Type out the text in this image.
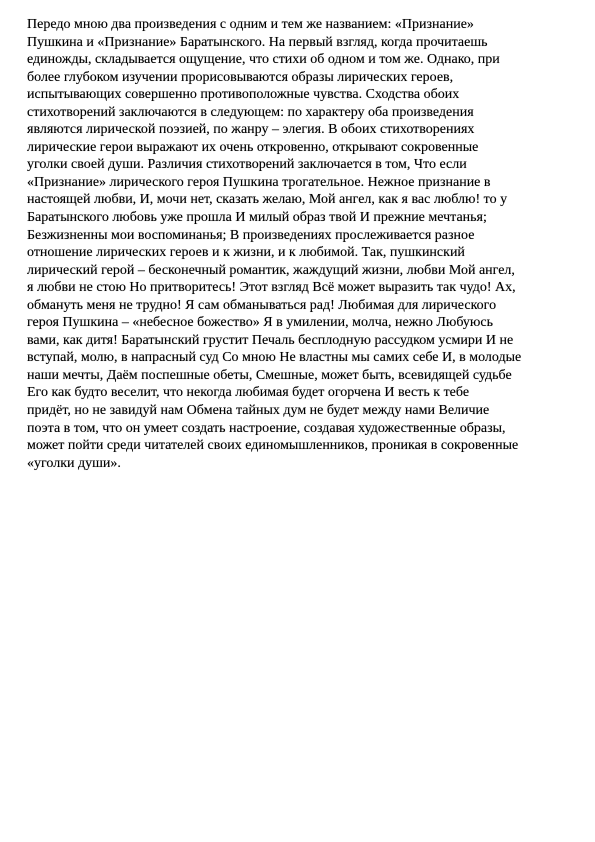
Передо мною два произведения с одним и тем же названием: «Признание»
Пушкина и «Признание» Баратынского. На первый взгляд, когда прочитаешь
единожды, складывается ощущение, что стихи об одном и том же. Однако, при
более глубоком изучении прорисовываются образы лирических героев,
испытывающих совершенно противоположные чувства. Сходства обоих
стихотворений заключаются в следующем: по характеру оба произведения
являются лирической поэзией, по жанру – элегия. В обоих стихотворениях
лирические герои выражают их очень откровенно, открывают сокровенные
уголки своей души. Различия стихотворений заключается в том, Что если
«Признание» лирического героя Пушкина трогательное. Нежное признание в
настоящей любви, И, мочи нет, сказать желаю, Мой ангел, как я вас люблю! то у
Баратынского любовь уже прошла И милый образ твой И прежние мечтанья;
Безжизненны мои воспоминанья; В произведениях прослеживается разное
отношение лирических героев и к жизни, и к любимой. Так, пушкинский
лирический герой – бесконечный романтик, жаждущий жизни, любви Мой ангел,
я любви не стою Но притворитесь! Этот взгляд Всё может выразить так чудо! Ах,
обмануть меня не трудно! Я сам обманываться рад! Любимая для лирического
героя Пушкина – «небесное божество» Я в умилении, молча, нежно Любуюсь
вами, как дитя! Баратынский грустит Печаль бесплодную рассудком усмири И не
вступай, молю, в напрасный суд Со мною Не властны мы самих себе И, в молодые
наши мечты, Даём поспешные обеты, Смешные, может быть, всевидящей судьбе
Его как будто веселит, что некогда любимая будет огорчена И весть к тебе
придёт, но не завидуй нам Обмена тайных дум не будет между нами Величие
поэта в том, что он умеет создать настроение, создавая художественные образы,
может пойти среди читателей своих единомышленников, проникая в сокровенные
«уголки души».
